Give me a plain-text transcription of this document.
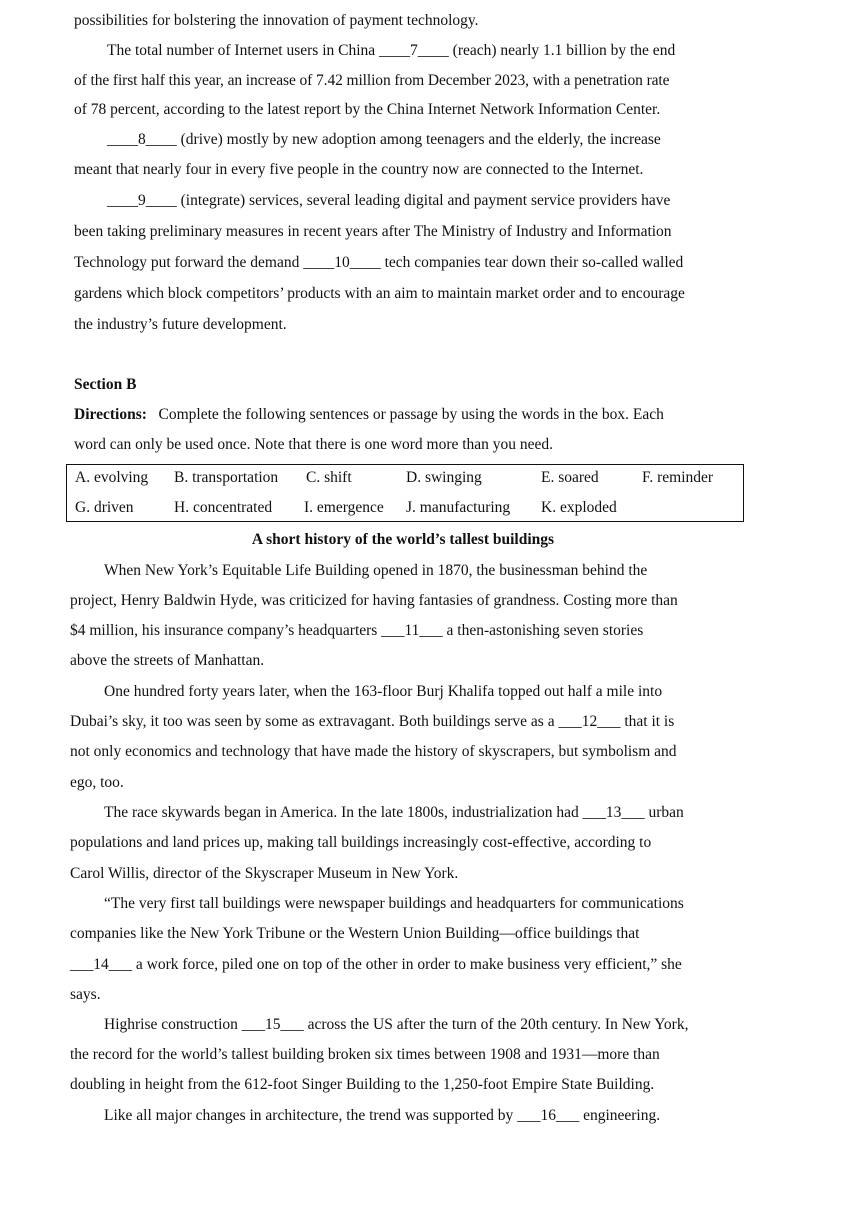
possibilities for bolstering the innovation of payment technology.
The total number of Internet users in China ____7____ (reach) nearly 1.1 billion by the end
of the first half this year, an increase of 7.42 million from December 2023, with a penetration rate
of 78 percent, according to the latest report by the China Internet Network Information Center.
____8____ (drive) mostly by new adoption among teenagers and the elderly, the increase
meant that nearly four in every five people in the country now are connected to the Internet.
____9____ (integrate) services, several leading digital and payment service providers have
been taking preliminary measures in recent years after The Ministry of Industry and Information
Technology put forward the demand ____10____ tech companies tear down their so-called walled
gardens which block competitors’ products with an aim to maintain market order and to encourage
the industry’s future development.
Section B
Directions: Complete the following sentences or passage by using the words in the box. Each
word can only be used once. Note that there is one word more than you need.
A. evolving B. transportation C. shift	D. swinging	E. soared	F. reminder
G. driven	H. concentrated I. emergence J. manufacturing K. exploded
A short history of the world’s tallest buildings
When New York’s Equitable Life Building opened in 1870, the businessman behind the
project, Henry Baldwin Hyde, was criticized for having fantasies of grandness. Costing more than
$4 million, his insurance company’s headquarters ___11___ a then-astonishing seven stories
above the streets of Manhattan.
One hundred forty years later, when the 163-floor Burj Khalifa topped out half a mile into
Dubai’s sky, it too was seen by some as extravagant. Both buildings serve as a ___12___ that it is
not only economics and technology that have made the history of skyscrapers, but symbolism and
ego, too.
The race skywards began in America. In the late 1800s, industrialization had ___13___ urban
populations and land prices up, making tall buildings increasingly cost-effective, according to
Carol Willis, director of the Skyscraper Museum in New York.
“The very first tall buildings were newspaper buildings and headquarters for communications
companies like the New York Tribune or the Western Union Building—office buildings that
___14___ a work force, piled one on top of the other in order to make business very efficient,” she
says.
Highrise construction ___15___ across the US after the turn of the 20th century. In New York,
the record for the world’s tallest building broken six times between 1908 and 1931—more than
doubling in height from the 612-foot Singer Building to the 1,250-foot Empire State Building.
Like all major changes in architecture, the trend was supported by ___16___ engineering.
